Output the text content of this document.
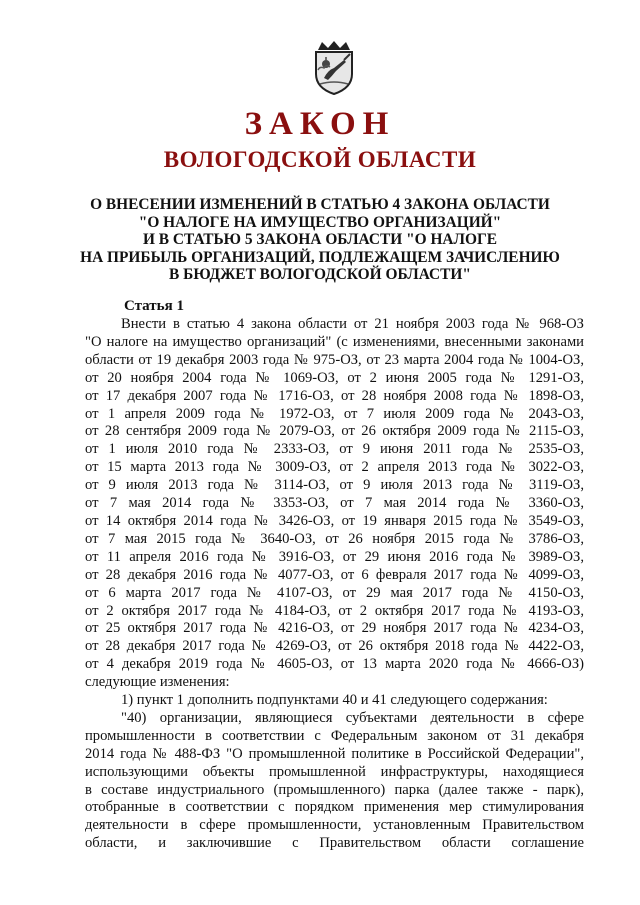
ЗАКОН
ВОЛОГОДСКОЙ ОБЛАСТИ
О ВНЕСЕНИИ ИЗМЕНЕНИЙ В СТАТЬЮ 4 ЗАКОНА ОБЛАСТИ
"О НАЛОГЕ НА ИМУЩЕСТВО ОРГАНИЗАЦИЙ"
И В СТАТЬЮ 5 ЗАКОНА ОБЛАСТИ "О НАЛОГЕ
НА ПРИБЫЛЬ ОРГАНИЗАЦИЙ, ПОДЛЕЖАЩЕМ ЗАЧИСЛЕНИЮ
В БЮДЖЕТ ВОЛОГОДСКОЙ ОБЛАСТИ"
Статья 1
Внести в статью 4 закона области от 21 ноября 2003 года № 968-ОЗ
"О налоге на имущество организаций" (с изменениями, внесенными законами
области от 19 декабря 2003 года № 975-ОЗ, от 23 марта 2004 года № 1004-ОЗ,
от 20 ноября 2004 года № 1069-ОЗ, от 2 июня 2005 года № 1291-ОЗ,
от 17 декабря 2007 года № 1716-ОЗ, от 28 ноября 2008 года № 1898-ОЗ,
от 1 апреля 2009 года № 1972-ОЗ, от 7 июля 2009 года № 2043-ОЗ,
от 28 сентября 2009 года № 2079-ОЗ, от 26 октября 2009 года № 2115-ОЗ,
от 1 июля 2010 года № 2333-ОЗ, от 9 июня 2011 года № 2535-ОЗ,
от 15 марта 2013 года № 3009-ОЗ, от 2 апреля 2013 года № 3022-ОЗ,
от 9 июля 2013 года № 3114-ОЗ, от 9 июля 2013 года № 3119-ОЗ,
от 7 мая 2014 года № 3353-ОЗ, от 7 мая 2014 года № 3360-ОЗ,
от 14 октября 2014 года № 3426-ОЗ, от 19 января 2015 года № 3549-ОЗ,
от 7 мая 2015 года № 3640-ОЗ, от 26 ноября 2015 года № 3786-ОЗ,
от 11 апреля 2016 года № 3916-ОЗ, от 29 июня 2016 года № 3989-ОЗ,
от 28 декабря 2016 года № 4077-ОЗ, от 6 февраля 2017 года № 4099-ОЗ,
от 6 марта 2017 года № 4107-ОЗ, от 29 мая 2017 года № 4150-ОЗ,
от 2 октября 2017 года № 4184-ОЗ, от 2 октября 2017 года № 4193-ОЗ,
от 25 октября 2017 года № 4216-ОЗ, от 29 ноября 2017 года № 4234-ОЗ,
от 28 декабря 2017 года № 4269-ОЗ, от 26 октября 2018 года № 4422-ОЗ,
от 4 декабря 2019 года № 4605-ОЗ, от 13 марта 2020 года № 4666-ОЗ)
следующие изменения:
1) пункт 1 дополнить подпунктами 40 и 41 следующего содержания:
"40) организации, являющиеся субъектами деятельности в сфере
промышленности в соответствии с Федеральным законом от 31 декабря
2014 года № 488-ФЗ "О промышленной политике в Российской Федерации",
использующими объекты промышленной инфраструктуры, находящиеся
в составе индустриального (промышленного) парка (далее также - парк),
отобранные в соответствии с порядком применения мер стимулирования
деятельности в сфере промышленности, установленным Правительством
области, и заключившие с Правительством области соглашение
